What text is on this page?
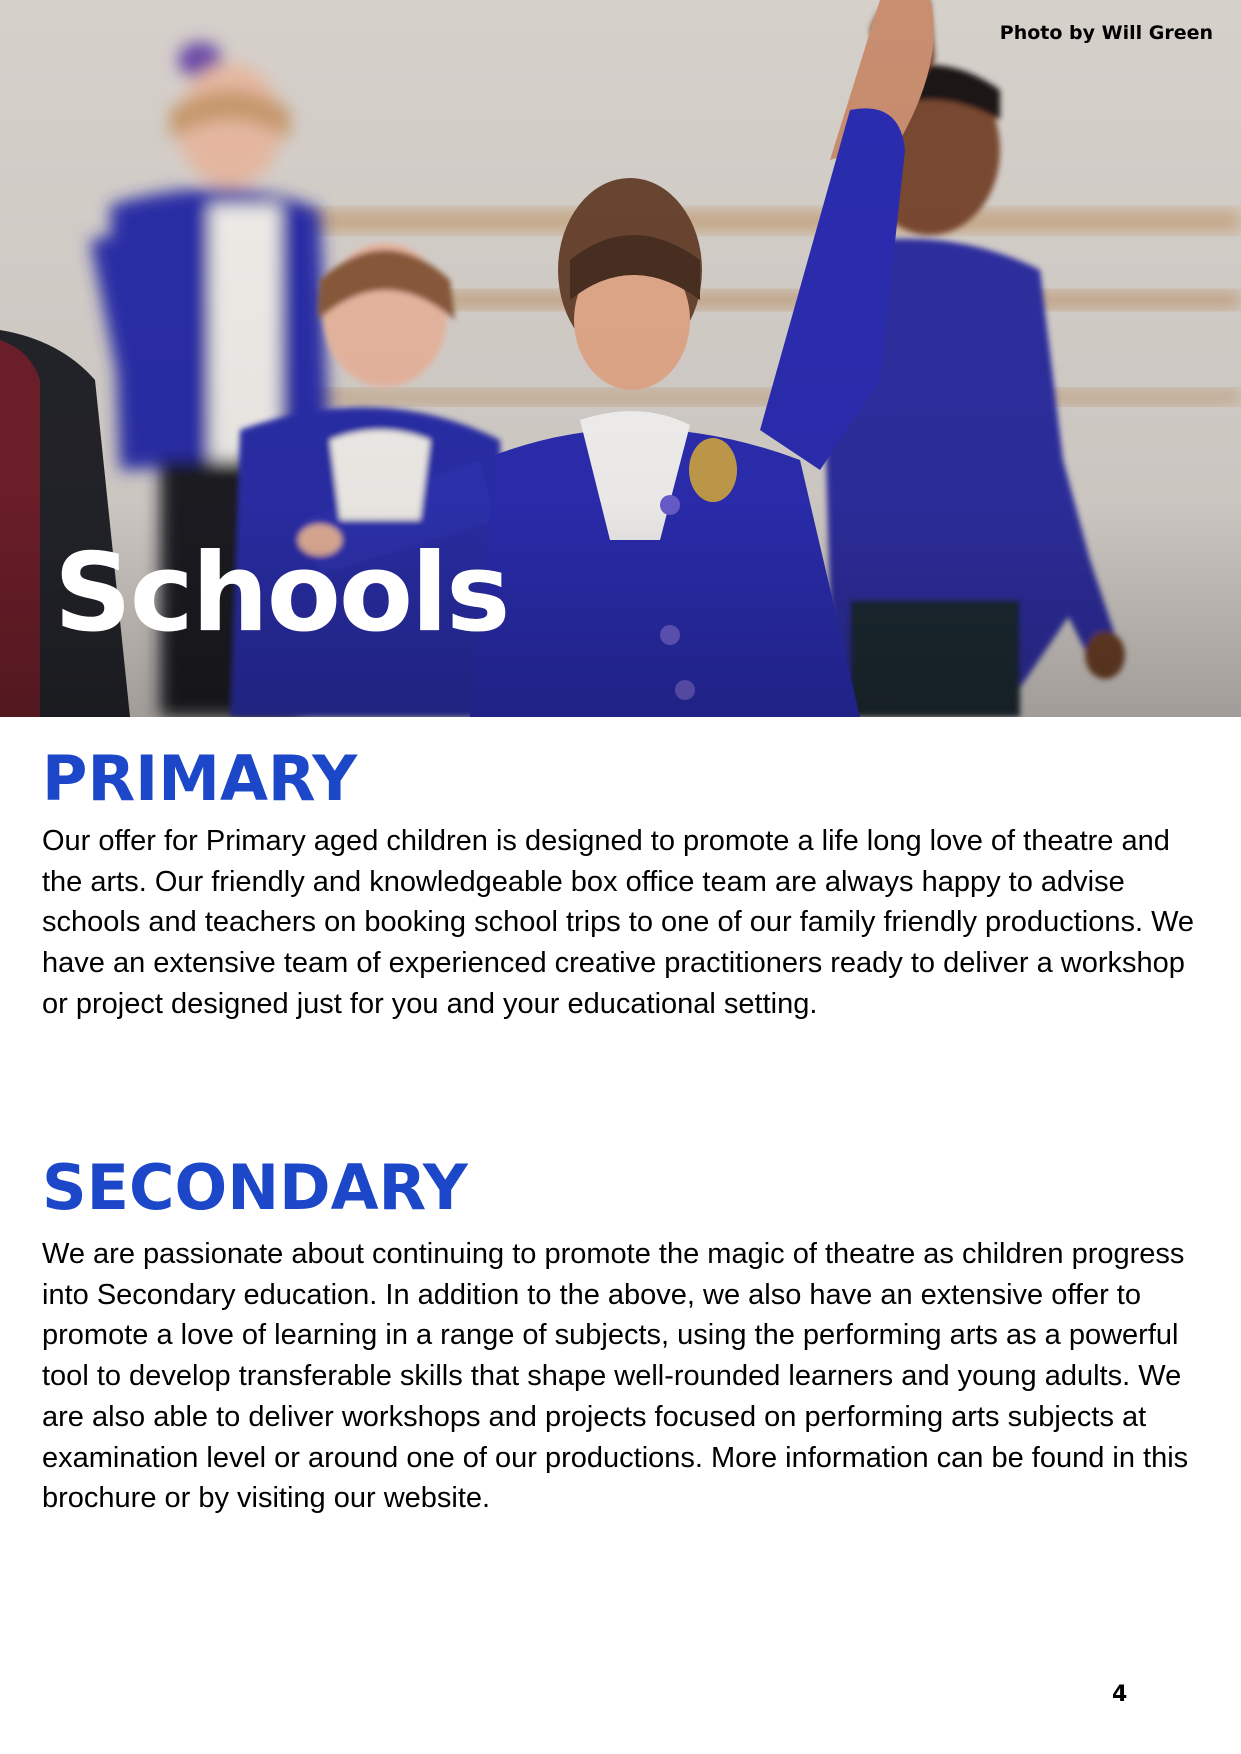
Photo by Will Green
Schools
PRIMARY

Our offer for Primary aged children is designed to promote a life long love of theatre and the arts. Our friendly and knowledgeable box office team are always happy to advise schools and teachers on booking school trips to one of our family friendly productions. We have an extensive team of experienced creative practitioners ready to deliver a workshop or project designed just for you and your educational setting.

SECONDARY

We are passionate about continuing to promote the magic of theatre as children progress into Secondary education. In addition to the above, we also have an extensive offer to promote a love of learning in a range of subjects, using the performing arts as a powerful tool to develop transferable skills that shape well-rounded learners and young adults. We are also able to deliver workshops and projects focused on performing arts subjects at examination level or around one of our productions. More information can be found in this brochure or by visiting our website.

4
